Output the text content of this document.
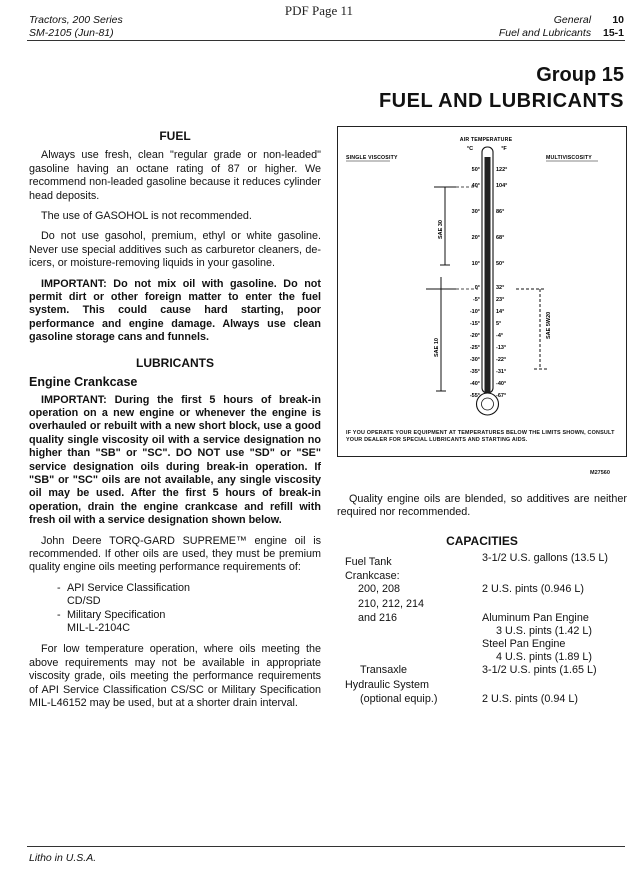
PDF Page 11
Tractors, 200 Series
SM-2105 (Jun-81)
General 10
Fuel and Lubricants 15-1
Group 15
FUEL AND LUBRICANTS
FUEL

Always use fresh, clean "regular grade or non-leaded" gasoline having an octane rating of 87 or higher. We recommend non-leaded gasoline because it reduces cylinder head deposits.

The use of GASOHOL is not recommended.

Do not use gasohol, premium, ethyl or white gasoline. Never use special additives such as carburetor cleaners, de-icers, or moisture-removing liquids in your gasoline.

IMPORTANT: Do not mix oil with gasoline. Do not permit dirt or other foreign matter to enter the fuel system. This could cause hard starting, poor performance and engine damage. Always use clean gasoline storage cans and funnels.

LUBRICANTS
Engine Crankcase

IMPORTANT: During the first 5 hours of break-in operation on a new engine or whenever the engine is overhauled or rebuilt with a new short block, use a good quality single viscosity oil with a service designation no higher than "SB" or "SC". DO NOT use "SD" or "SE" service designation oils during break-in operation. If "SB" or "SC" oils are not available, any single viscosity oil may be used. After the first 5 hours of break-in operation, drain the engine crankcase and refill with fresh oil with a service designation shown below.

John Deere TORQ-GARD SUPREME™ engine oil is recommended. If other oils are used, they must be premium quality engine oils meeting performance requirements of:

- API Service Classification
CD/SD
- Military Specification
MIL-L-2104C

For low temperature operation, where oils meeting the above requirements may not be available in appropriate viscosity grade, oils meeting the performance requirements of API Service Classification CS/SC or Military Specification MIL-L46152 may be used, but at a shorter drain interval.

AIR TEMPERATURE
°C	°F
SINGLE VISCOSITY	MULTIVISCOSITY
50°	122°
40°	104°
30°	86°
20°	68°
10°	50°
0°	32°
-5°	23°
-10°	14°
-15°	5°
-20°	-4°
-25°	-13°
-30°	-22°
-35°	-31°
-40°	-40°
-55°	-67°
SAE 30
SAE 10
SAE 5W20
IF YOU OPERATE YOUR EQUIPMENT AT TEMPERATURES BELOW THE LIMITS SHOWN, CONSULT YOUR DEALER FOR SPECIAL LUBRICANTS AND STARTING AIDS.
M27560

Quality engine oils are blended, so additives are neither required nor recommended.

CAPACITIES
Fuel Tank	3-1/2 U.S. gallons (13.5 L)
Crankcase:
200, 208	2 U.S. pints (0.946 L)
210, 212, 214
and 216	Aluminum Pan Engine
3 U.S. pints (1.42 L)
Steel Pan Engine
4 U.S. pints (1.89 L)
Transaxle	3-1/2 U.S. pints (1.65 L)
Hydraulic System
(optional equip.)	2 U.S. pints (0.94 L)
Litho in U.S.A.
